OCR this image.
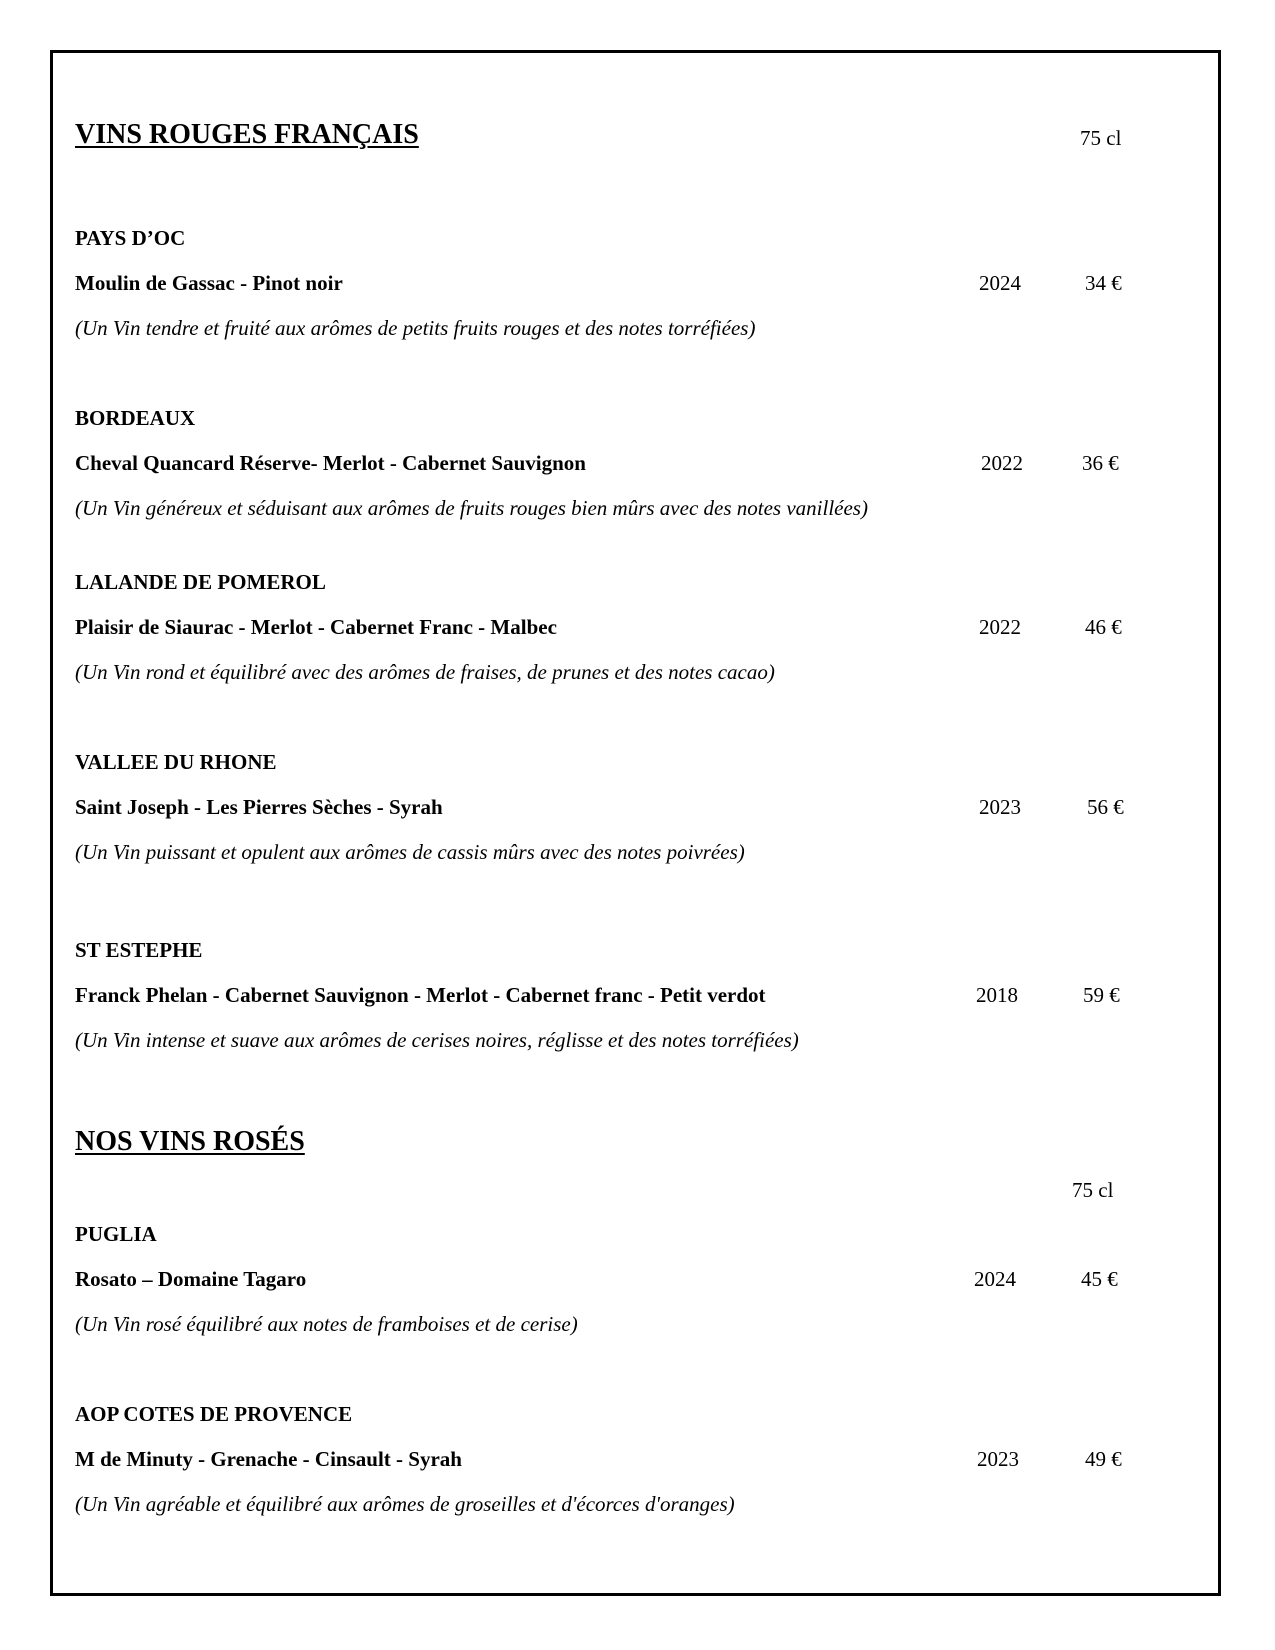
VINS ROUGES FRANÇAIS	75 cl
PAYS D’OC
Moulin de Gassac - Pinot noir	2024	34 €
(Un Vin tendre et fruité aux arômes de petits fruits rouges et des notes torréfiées)
BORDEAUX
Cheval Quancard Réserve- Merlot - Cabernet Sauvignon	2022	36 €
(Un Vin généreux et séduisant aux arômes de fruits rouges bien mûrs avec des notes vanillées)
LALANDE DE POMEROL
Plaisir de Siaurac - Merlot - Cabernet Franc - Malbec	2022	46 €
(Un Vin rond et équilibré avec des arômes de fraises, de prunes et des notes cacao)
VALLEE DU RHONE
Saint Joseph - Les Pierres Sèches - Syrah	2023	56 €
(Un Vin puissant et opulent aux arômes de cassis mûrs avec des notes poivrées)
ST ESTEPHE
Franck Phelan - Cabernet Sauvignon - Merlot - Cabernet franc - Petit verdot	2018	59 €
(Un Vin intense et suave aux arômes de cerises noires, réglisse et des notes torréfiées)
NOS VINS ROSÉS
75 cl
PUGLIA
Rosato – Domaine Tagaro	2024	45 €
(Un Vin rosé équilibré aux notes de framboises et de cerise)
AOP COTES DE PROVENCE
M de Minuty - Grenache - Cinsault - Syrah	2023	49 €
(Un Vin agréable et équilibré aux arômes de groseilles et d'écorces d'oranges)
